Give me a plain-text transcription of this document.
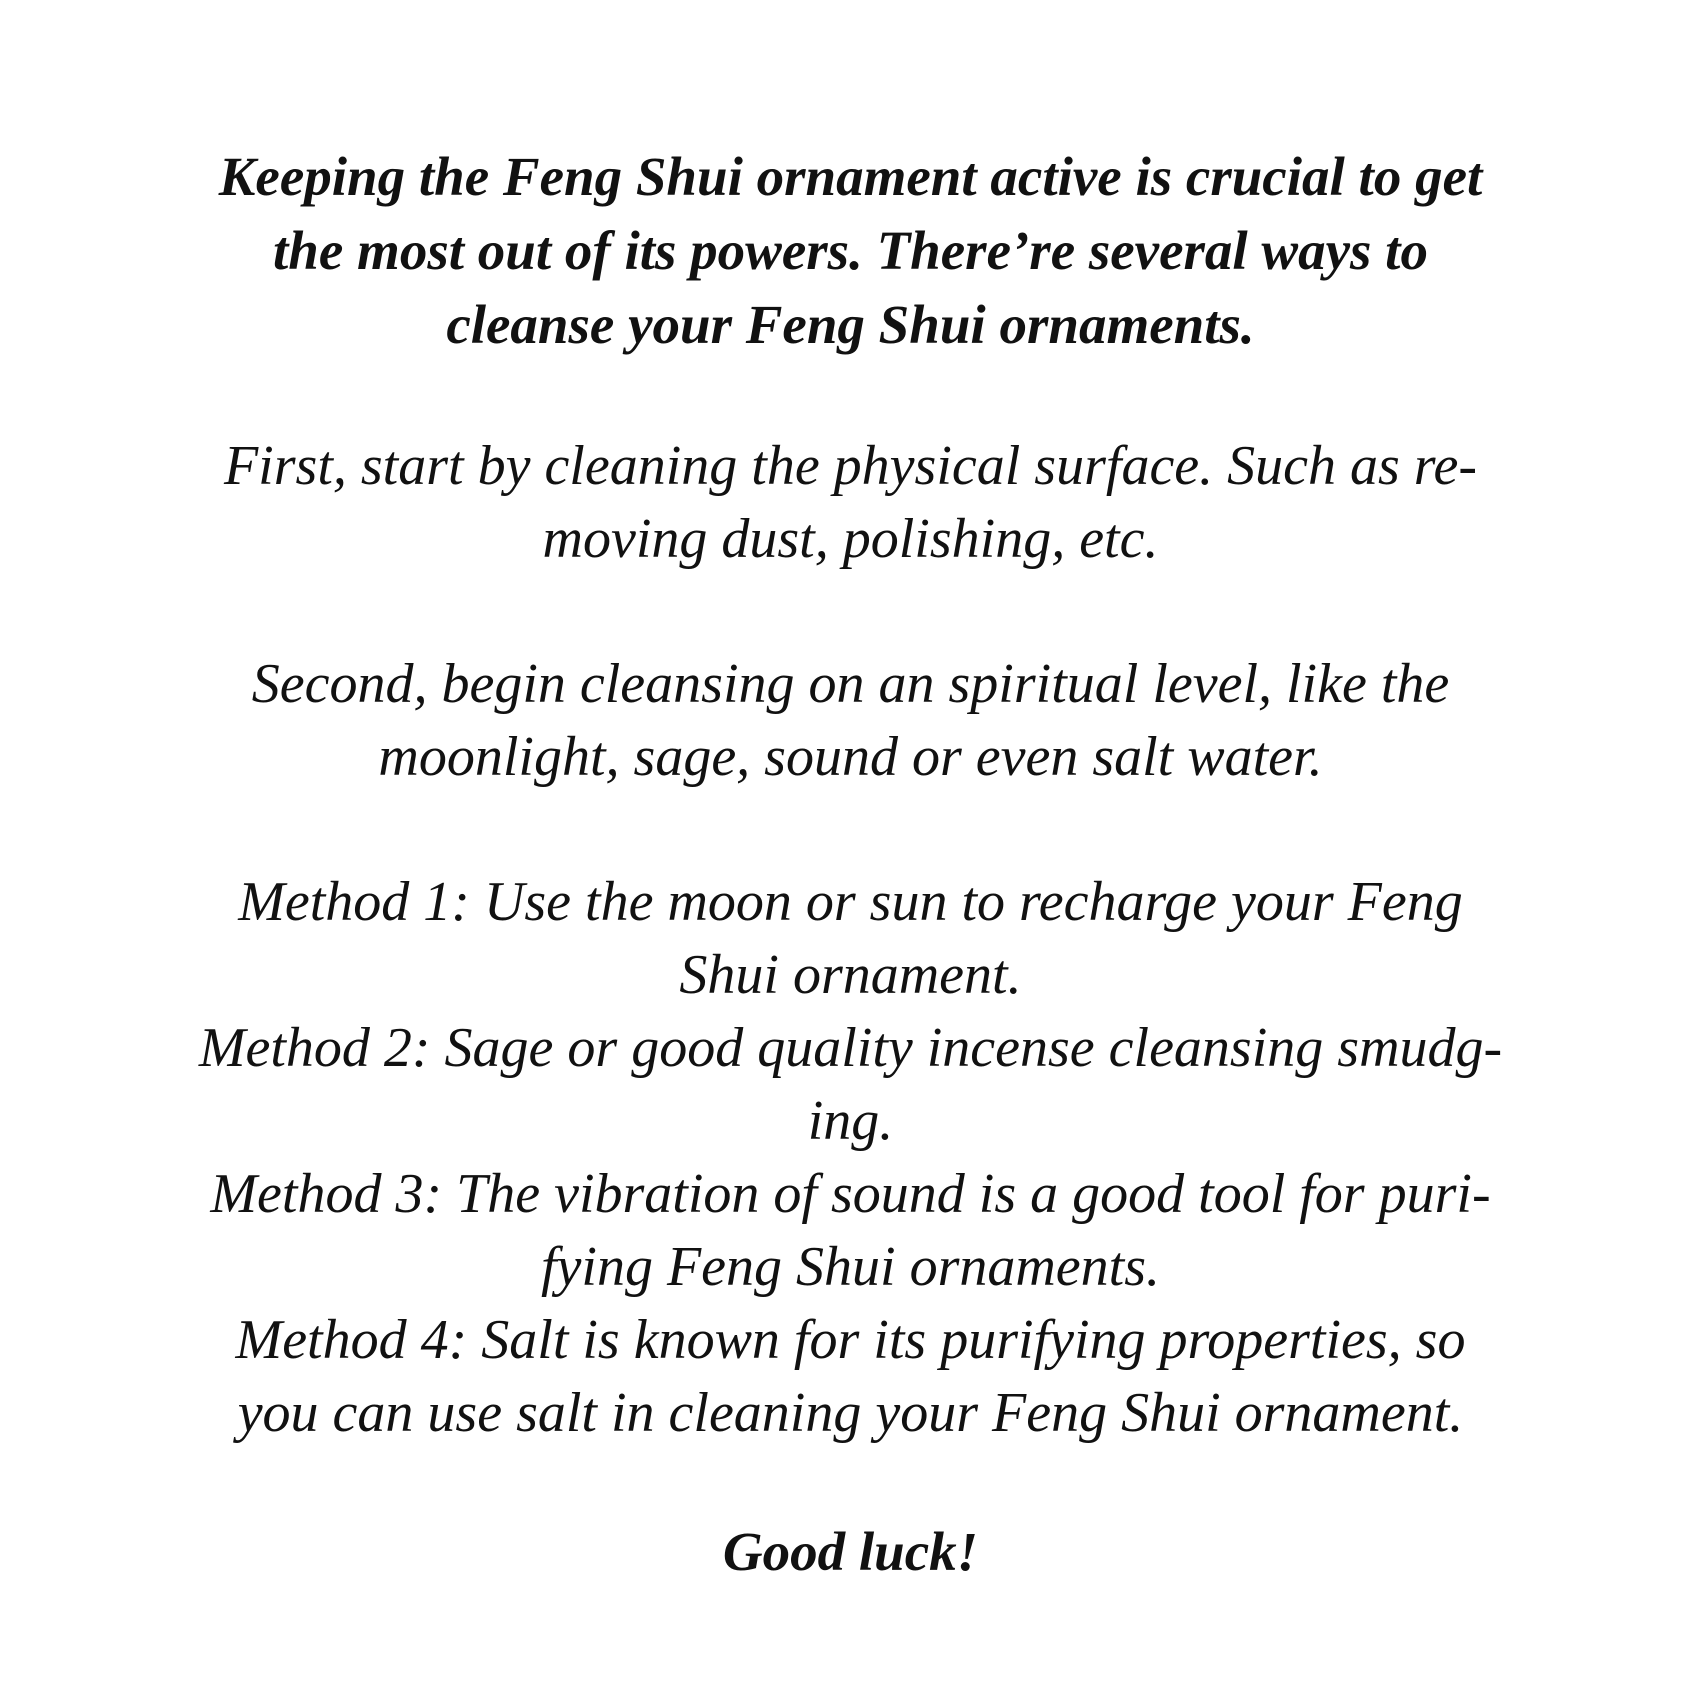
Keeping the Feng Shui ornament active is crucial to get
the most out of its powers. There’re several ways to
cleanse your Feng Shui ornaments.

First, start by cleaning the physical surface. Such as re-
moving dust, polishing, etc.

Second, begin cleansing on an spiritual level, like the
moonlight, sage, sound or even salt water.

Method 1: Use the moon or sun to recharge your Feng
Shui ornament.
Method 2: Sage or good quality incense cleansing smudg-
ing.
Method 3: The vibration of sound is a good tool for puri-
fying Feng Shui ornaments.
Method 4: Salt is known for its purifying properties, so
you can use salt in cleaning your Feng Shui ornament.

Good luck!
